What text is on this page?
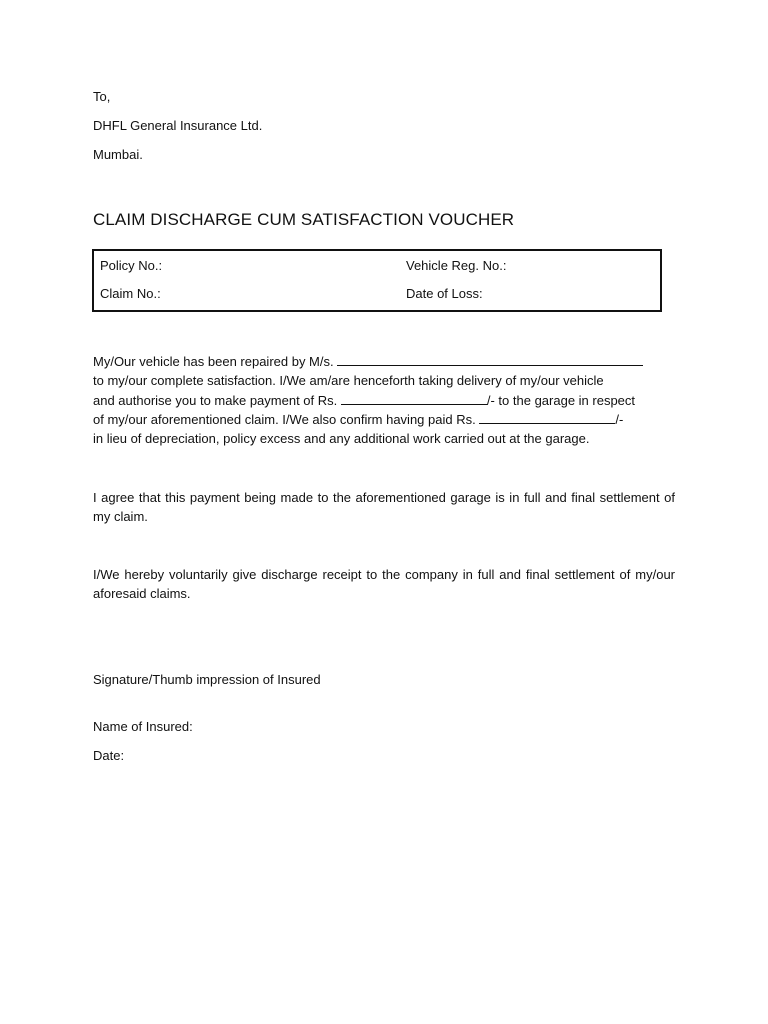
To,
DHFL General Insurance Ltd.
Mumbai.
CLAIM DISCHARGE CUM SATISFACTION VOUCHER
Policy No.:	Vehicle Reg. No.:
Claim No.:	Date of Loss:
My/Our vehicle has been repaired by M/s.
to my/our complete satisfaction. I/We am/are henceforth taking delivery of my/our vehicle
and authorise you to make payment of Rs.	/- to the garage in respect
of my/our aforementioned claim. I/We also confirm having paid Rs.	/-
in lieu of depreciation, policy excess and any additional work carried out at the garage.
I agree that this payment being made to the aforementioned garage is in full and final settlement of my claim.
I/We hereby voluntarily give discharge receipt to the company in full and final settlement of my/our aforesaid claims.
Signature/Thumb impression of Insured
Name of Insured:
Date:
